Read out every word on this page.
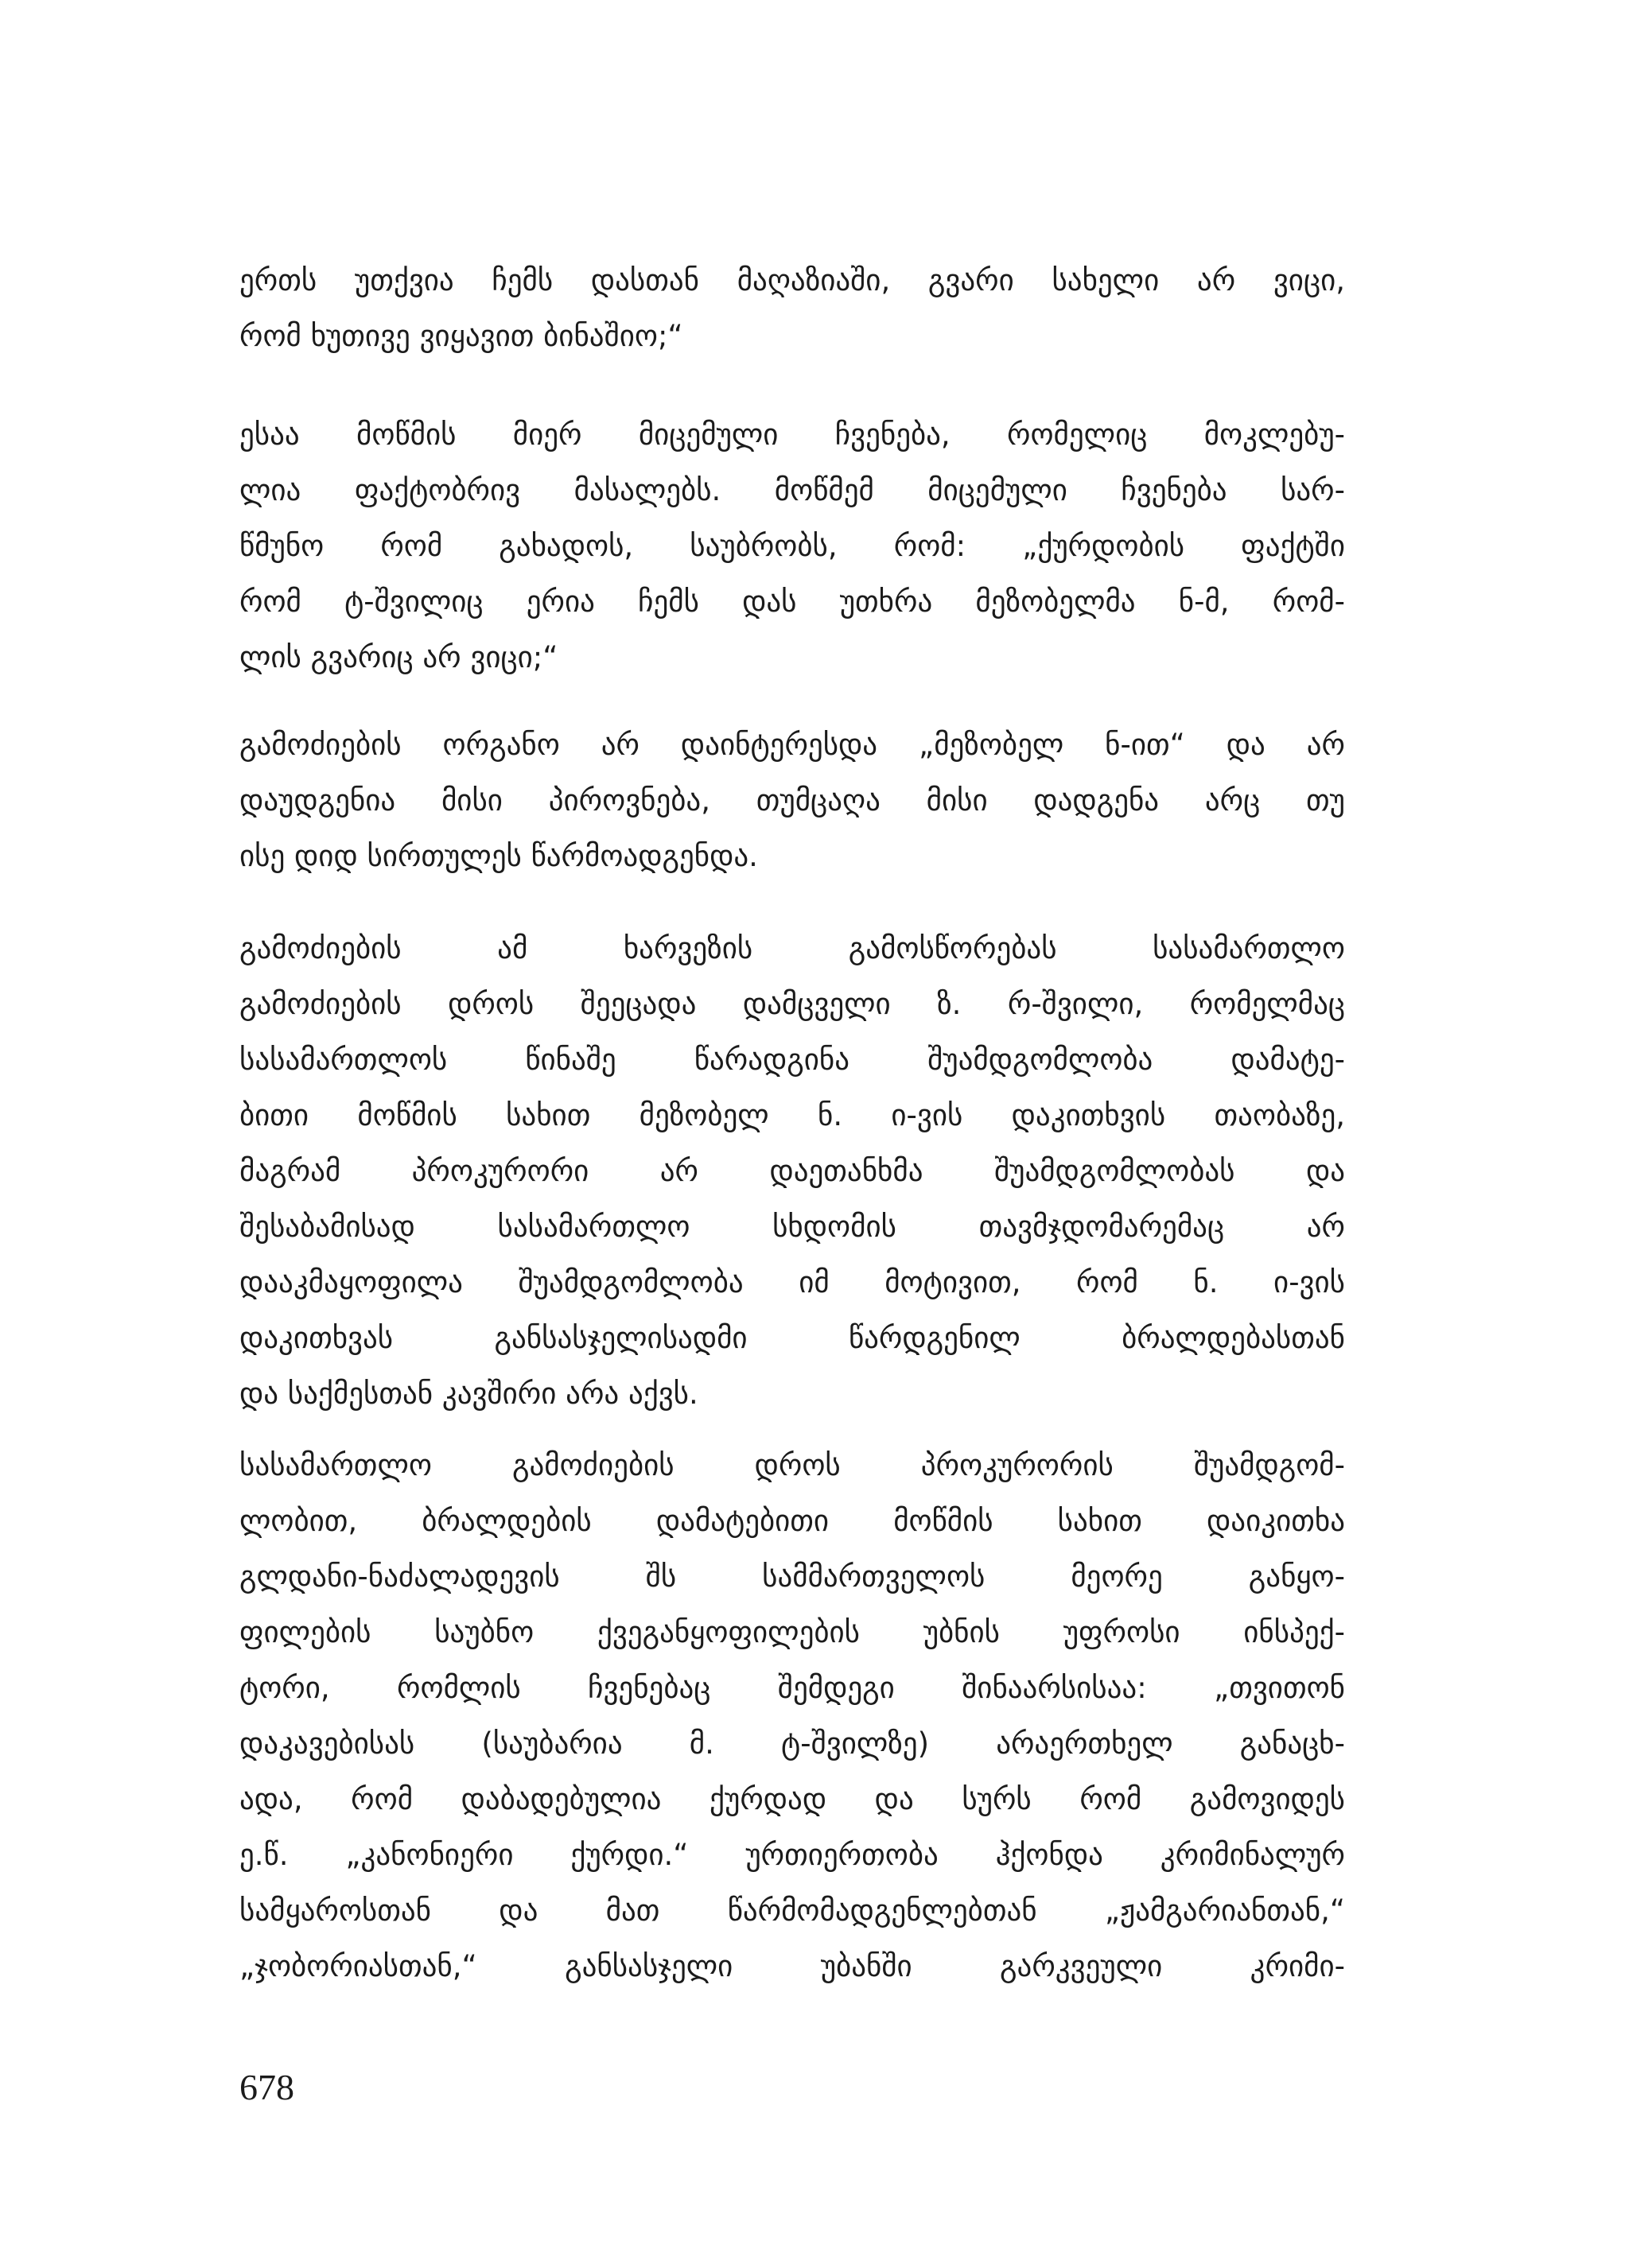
ერთს უთქვია ჩემს დასთან მაღაზიაში, გვარი სახელი არ ვიცი,
რომ ხუთივე ვიყავით ბინაშიო;“
ესაა მოწმის მიერ მიცემული ჩვენება, რომელიც მოკლებუ-
ლია ფაქტობრივ მასალებს. მოწმემ მიცემული ჩვენება სარ-
წმუნო რომ გახადოს, საუბრობს, რომ: „ქურდობის ფაქტში
რომ ტ-შვილიც ერია ჩემს დას უთხრა მეზობელმა ნ-მ, რომ-
ლის გვარიც არ ვიცი;“
გამოძიების ორგანო არ დაინტერესდა „მეზობელ ნ-ით“ და არ
დაუდგენია მისი პიროვნება, თუმცაღა მისი დადგენა არც თუ
ისე დიდ სირთულეს წარმოადგენდა.
გამოძიების ამ ხარვეზის გამოსწორებას სასამართლო
გამოძიების დროს შეეცადა დამცველი ზ. რ-შვილი, რომელმაც
სასამართლოს წინაშე წარადგინა შუამდგომლობა დამატე-
ბითი მოწმის სახით მეზობელ ნ. ი-ვის დაკითხვის თაობაზე,
მაგრამ პროკურორი არ დაეთანხმა შუამდგომლობას და
შესაბამისად სასამართლო სხდომის თავმჯდომარემაც არ
დააკმაყოფილა შუამდგომლობა იმ მოტივით, რომ ნ. ი-ვის
დაკითხვას განსასჯელისადმი წარდგენილ ბრალდებასთან
და საქმესთან კავშირი არა აქვს.
სასამართლო გამოძიების დროს პროკურორის შუამდგომ-
ლობით, ბრალდების დამატებითი მოწმის სახით დაიკითხა
გლდანი-ნაძალადევის შს სამმართველოს მეორე განყო-
ფილების საუბნო ქვეგანყოფილების უბნის უფროსი ინსპექ-
ტორი, რომლის ჩვენებაც შემდეგი შინაარსისაა: „თვითონ
დაკავებისას (საუბარია მ. ტ-შვილზე) არაერთხელ განაცხ-
ადა, რომ დაბადებულია ქურდად და სურს რომ გამოვიდეს
ე.წ. „კანონიერი ქურდი.“ ურთიერთობა ჰქონდა კრიმინალურ
სამყაროსთან და მათ წარმომადგენლებთან „ჟამგარიანთან,“
„ჯობორიასთან,“ განსასჯელი უბანში გარკვეული კრიმი-
678
